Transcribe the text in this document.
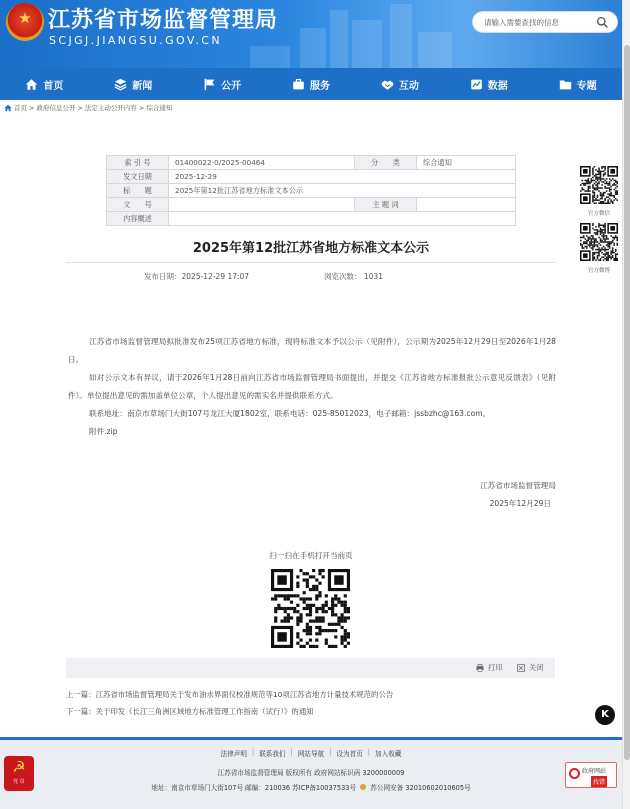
★ 江苏省市场监督管理局
SCJGJ.JIANGSU.GOV.CN
请输入需要查找的信息
首页	新闻	公开	服务	互动	数据	专题
首页 > 政府信息公开 > 法定主动公开内容 > 综合通知
索 引 号	01400022-0/2025-00464	分　　类	综合通知
发文日期	2025-12-29		
标　　题	2025年第12批江苏省地方标准文本公示		
文　　号		主 题 词	
内容概述			
2025年第12批江苏省地方标准文本公示
发布日期：2025-12-29 17:07	浏览次数： 1031

江苏省市场监督管理局拟批准发布25项江苏省地方标准，现将标准文本予以公示（见附件），公示期为2025年12月29日至2026年1月28日。

如对公示文本有异议，请于2026年1月28日前向江苏省市场监督管理局书面提出，并提交《江苏省地方标准报批公示意见反馈表》（见附件）。单位提出意见的需加盖单位公章，个人提出意见的需实名并提供联系方式。

联系地址：南京市草场门大街107号龙江大厦1802室，联系电话：025-85012023，电子邮箱：jssbzhc@163.com。

附件.zip

江苏省市场监督管理局
2025年12月29日
扫一扫在手机打开当前页
打印	关闭
上一篇：江苏省市场监督管理局关于发布油水界面仪校准规范等10项江苏省地方计量技术规范的公告
下一篇：关于印发《长江三角洲区域地方标准管理工作指南（试行）》的通知
官方微信
官方微博
K
☭
党 员
法律声明 | 联系我们 | 网站导航 | 设为首页 | 加入收藏
江苏省市场监督管理局 版权所有 政府网站标识码 3200000009
地址：南京市草场门大街107号 邮编：210036 苏ICP备10037533号 苏公网安备 32010602010605号
政府网站
找错
